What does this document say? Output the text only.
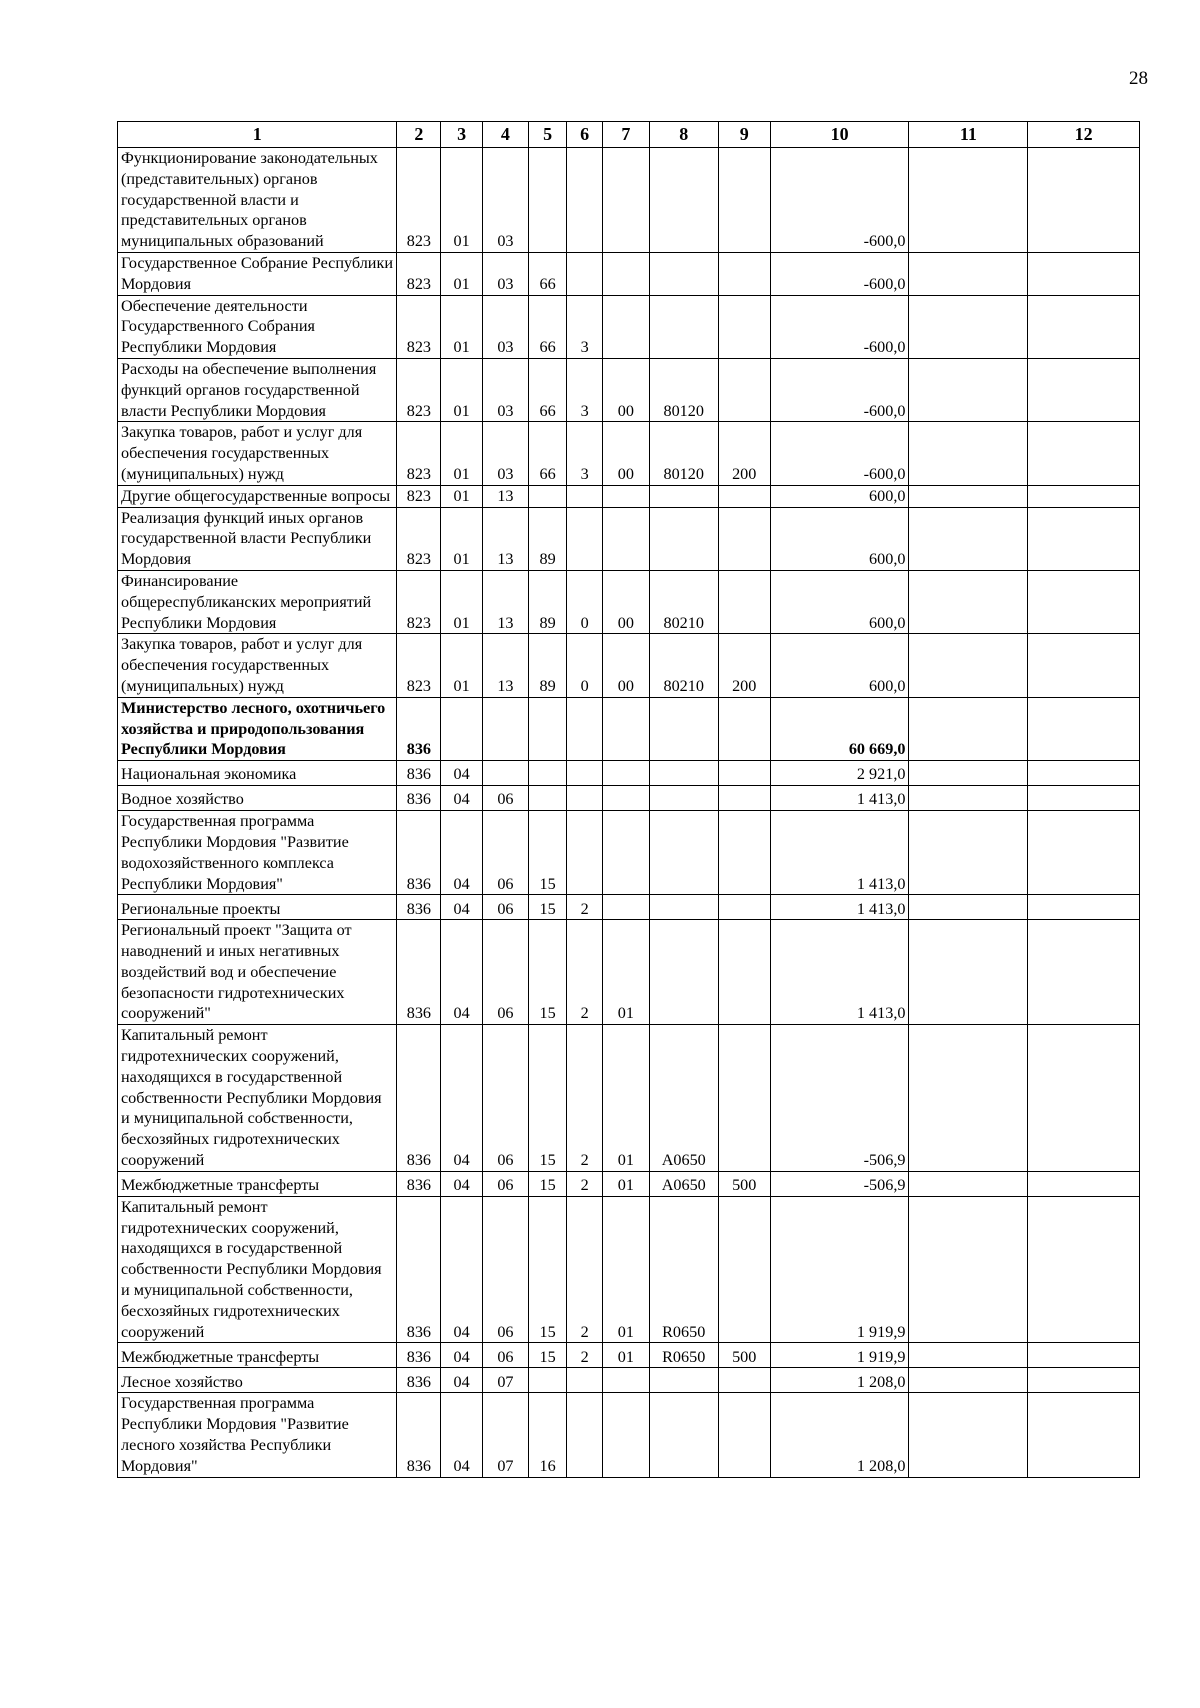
28
1	2	3	4	5	6	7	8	9	10	11	12
Функционирование законодательных (представительных) органов государственной власти и представительных органов муниципальных образований	823	01	03						-600,0		
Государственное Собрание Республики Мордовия	823	01	03	66					-600,0		
Обеспечение деятельности Государственного Собрания Республики Мордовия	823	01	03	66	3				-600,0		
Расходы на обеспечение выполнения функций органов государственной власти Республики Мордовия	823	01	03	66	3	00	80120		-600,0		
Закупка товаров, работ и услуг для обеспечения государственных (муниципальных) нужд	823	01	03	66	3	00	80120	200	-600,0		
Другие общегосударственные вопросы	823	01	13						600,0		
Реализация функций иных органов государственной власти Республики Мордовия	823	01	13	89					600,0		
Финансирование общереспубликанских мероприятий Республики Мордовия	823	01	13	89	0	00	80210		600,0		
Закупка товаров, работ и услуг для обеспечения государственных (муниципальных) нужд	823	01	13	89	0	00	80210	200	600,0		
Министерство лесного, охотничьего хозяйства и природопользования Республики Мордовия	836								60 669,0		
Национальная экономика	836	04							2 921,0		
Водное хозяйство	836	04	06						1 413,0		
Государственная программа Республики Мордовия "Развитие водохозяйственного комплекса Республики Мордовия"	836	04	06	15					1 413,0		
Региональные проекты	836	04	06	15	2				1 413,0		
Региональный проект "Защита от наводнений и иных негативных воздействий вод и обеспечение безопасности гидротехнических сооружений"	836	04	06	15	2	01			1 413,0		
Капитальный ремонт гидротехнических сооружений, находящихся в государственной собственности Республики Мордовия и муниципальной собственности, бесхозяйных гидротехнических сооружений	836	04	06	15	2	01	A0650		-506,9		
Межбюджетные трансферты	836	04	06	15	2	01	A0650	500	-506,9		
Капитальный ремонт гидротехнических сооружений, находящихся в государственной собственности Республики Мордовия и муниципальной собственности, бесхозяйных гидротехнических сооружений	836	04	06	15	2	01	R0650		1 919,9		
Межбюджетные трансферты	836	04	06	15	2	01	R0650	500	1 919,9		
Лесное хозяйство	836	04	07						1 208,0		
Государственная программа Республики Мордовия "Развитие лесного хозяйства Республики Мордовия"	836	04	07	16					1 208,0		
